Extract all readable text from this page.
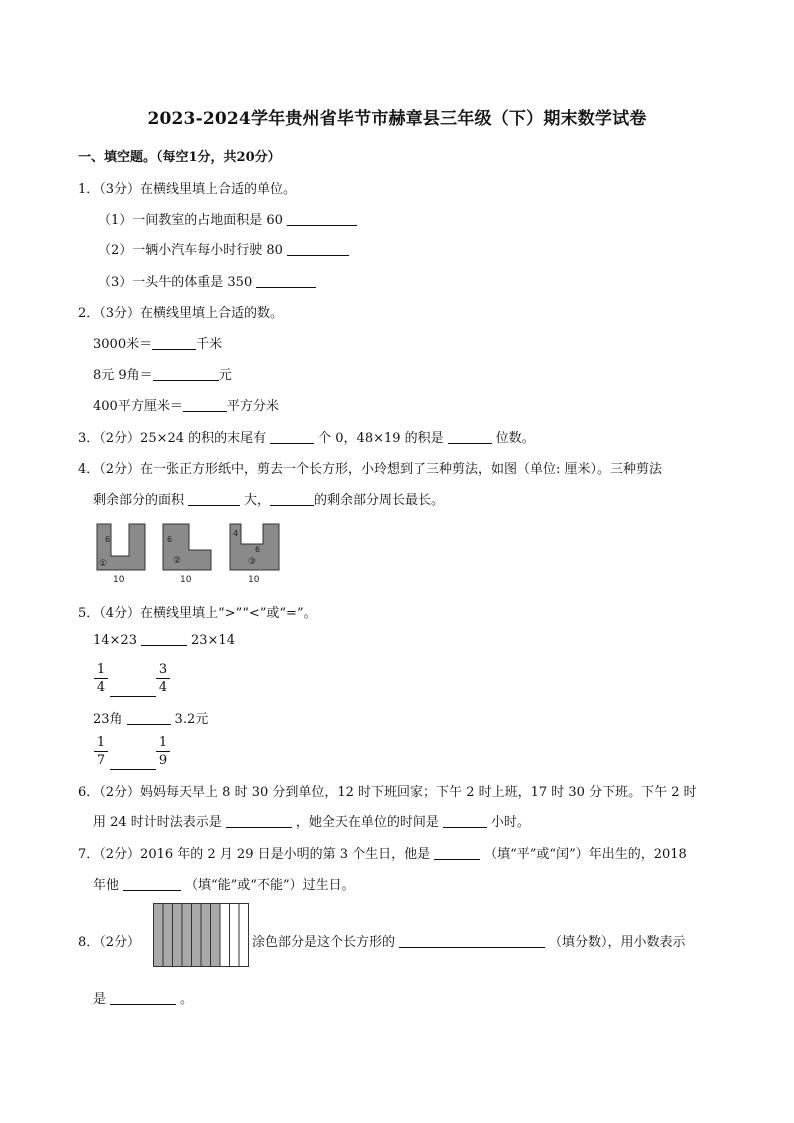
2023-2024学年贵州省毕节市赫章县三年级（下）期末数学试卷
一、填空题。（每空1分，共20分）
1．（3分）在横线里填上合适的单位。
（1）一间教室的占地面积是 60
（2）一辆小汽车每小时行驶 80
（3）一头牛的体重是 350
2．（3分）在横线里填上合适的数。
3000米＝	千米
8元 9角＝	元
400平方厘米＝	平方分米
3．（2分）25×24 的积的末尾有	个 0，48×19 的积是	位数。
4．（2分）在一张正方形纸中，剪去一个长方形，小玲想到了三种剪法，如图（单位: 厘米）。三种剪法
剩余部分的面积	大，	的剩余部分周长最长。
6
①
10
6
②
10
4
6
③
10
5．（4分）在横线里填上“>”“<”或“=”。
14×23	23×14
$\frac{1}{4}$	$\frac{3}{4}$
23角	3.2元
$\frac{1}{7}$	$\frac{1}{9}$
6．（2分）妈妈每天早上 8 时 30 分到单位，12 时下班回家；下午 2 时上班，17 时 30 分下班。下午 2 时
用 24 时计时法表示是	，她全天在单位的时间是	小时。
7．（2分）2016 年的 2 月 29 日是小明的第 3 个生日，他是	（填“平”或“闰”）年出生的，2018
年他	（填“能”或“不能”）过生日。
8．（2分）	涂色部分是这个长方形的	（填分数），用小数表示
是	。
